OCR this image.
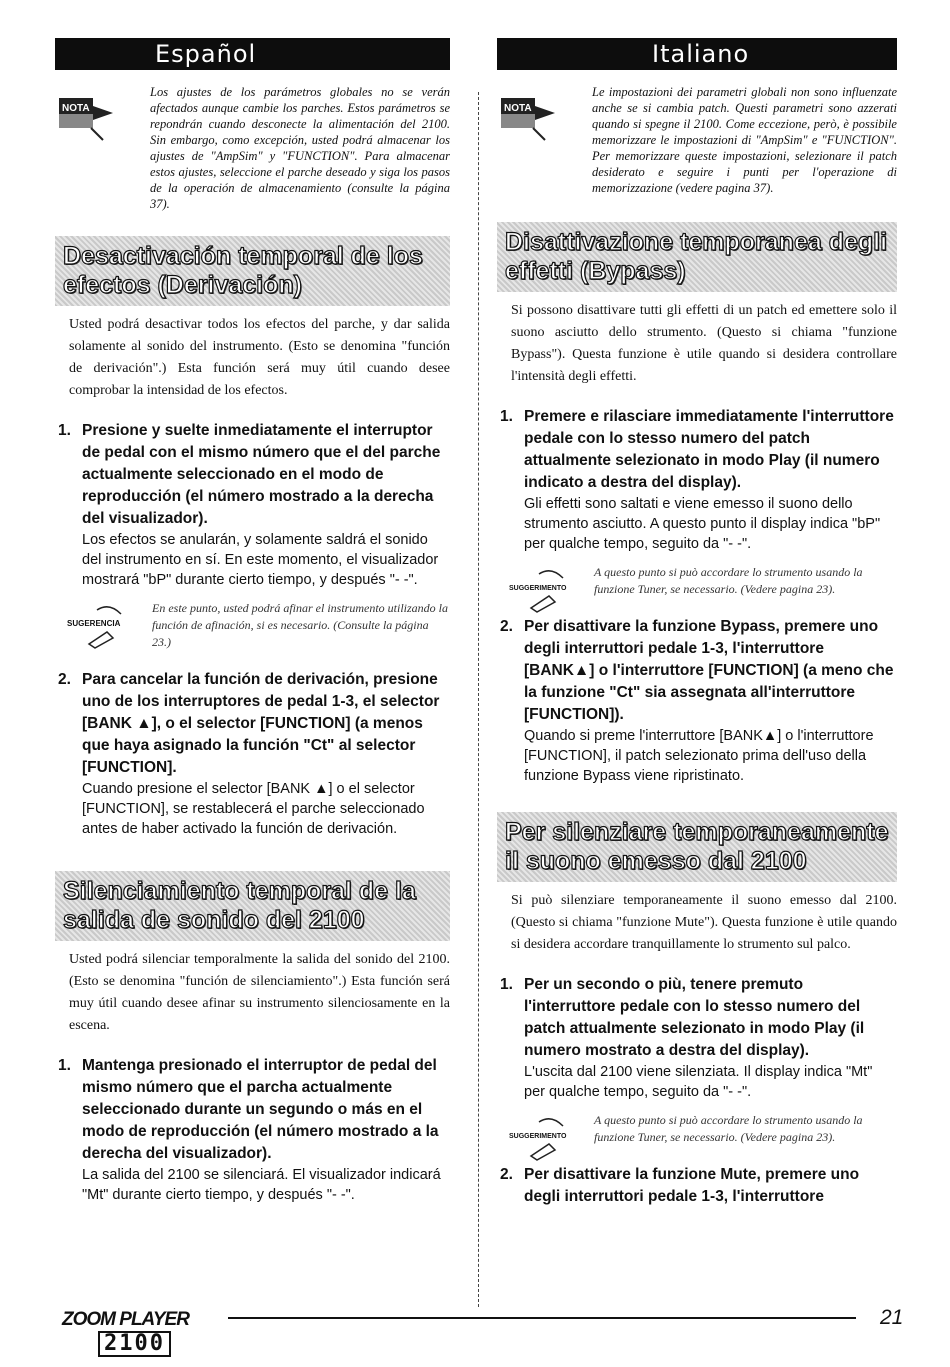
Español
NOTA
Los ajustes de los parámetros globales no se verán afectados aunque cambie los parches. Estos parámetros se repondrán cuando desconecte la alimentación del 2100. Sin embargo, como excepción, usted podrá almacenar los ajustes de "AmpSim" y "FUNCTION". Para almacenar estos ajustes, seleccione el parche deseado y siga los pasos de la operación de almacenamiento (consulte la página 37).
Desactivación temporal de los efectos (Derivación)
Usted podrá desactivar todos los efectos del parche, y dar salida solamente al sonido del instrumento. (Esto se denomina "función de derivación".) Esta función será muy útil cuando desee comprobar la intensidad de los efectos.
1. Presione y suelte inmediatamente el interruptor de pedal con el mismo número que el del parche actualmente seleccionado en el modo de reproducción (el número mostrado a la derecha del visualizador).
Los efectos se anularán, y solamente saldrá el sonido del instrumento en sí. En este momento, el visualizador mostrará "bP" durante cierto tiempo, y después "- -".
SUGERENCIA
En este punto, usted podrá afinar el instrumento utilizando la función de afinación, si es necesario. (Consulte la página 23.)
2. Para cancelar la función de derivación, presione uno de los interruptores de pedal 1-3, el selector [BANK ▲], o el selector [FUNCTION] (a menos que haya asignado la función "Ct" al selector [FUNCTION].
Cuando presione el selector [BANK ▲] o el selector [FUNCTION], se restablecerá el parche seleccionado antes de haber activado la función de derivación.
Silenciamiento temporal de la salida de sonido del 2100
Usted podrá silenciar temporalmente la salida del sonido del 2100. (Esto se denomina "función de silenciamiento".) Esta función será muy útil cuando desee afinar su instrumento silenciosamente en la escena.
1. Mantenga presionado el interruptor de pedal del mismo número que el parcha actualmente seleccionado durante un segundo o más en el modo de reproducción (el número mostrado a la derecha del visualizador).
La salida del 2100 se silenciará. El visualizador indicará "Mt" durante cierto tiempo, y después "- -".
Italiano
NOTA
Le impostazioni dei parametri globali non sono influenzate anche se si cambia patch. Questi parametri sono azzerati quando si spegne il 2100. Come eccezione, però, è possibile memorizzare le impostazioni di "AmpSim" e "FUNCTION". Per memorizzare queste impostazioni, selezionare il patch desiderato e seguire i punti per l'operazione di memorizzazione (vedere pagina 37).
Disattivazione temporanea degli effetti (Bypass)
Si possono disattivare tutti gli effetti di un patch ed emettere solo il suono asciutto dello strumento. (Questo si chiama "funzione Bypass"). Questa funzione è utile quando si desidera controllare l'intensità degli effetti.
1. Premere e rilasciare immediatamente l'interruttore pedale con lo stesso numero del patch attualmente selezionato in modo Play (il numero indicato a destra del display).
Gli effetti sono saltati e viene emesso il suono dello strumento asciutto. A questo punto il display indica "bP" per qualche tempo, seguito da "- -".
SUGGERIMENTO
A questo punto si può accordare lo strumento usando la funzione Tuner, se necessario. (Vedere pagina 23).
2. Per disattivare la funzione Bypass, premere uno degli interruttori pedale 1-3, l'interruttore [BANK▲] o l'interruttore [FUNCTION] (a meno che la funzione "Ct" sia assegnata all'interruttore [FUNCTION]).
Quando si preme l'interruttore [BANK▲] o l'interruttore [FUNCTION], il patch selezionato prima dell'uso della funzione Bypass viene ripristinato.
Per silenziare temporaneamente il suono emesso dal 2100
Si può silenziare temporaneamente il suono emesso dal 2100. (Questo si chiama "funzione Mute"). Questa funzione è utile quando si desidera accordare tranquillamente lo strumento sul palco.
1. Per un secondo o più, tenere premuto l'interruttore pedale con lo stesso numero del patch attualmente selezionato in modo Play (il numero mostrato a destra del display).
L'uscita dal 2100 viene silenziata. Il display indica "Mt" per qualche tempo, seguito da "- -".
SUGGERIMENTO
A questo punto si può accordare lo strumento usando la funzione Tuner, se necessario. (Vedere pagina 23).
2. Per disattivare la funzione Mute, premere uno degli interruttori pedale 1-3, l'interruttore
ZOOM PLAYER
2100
21
